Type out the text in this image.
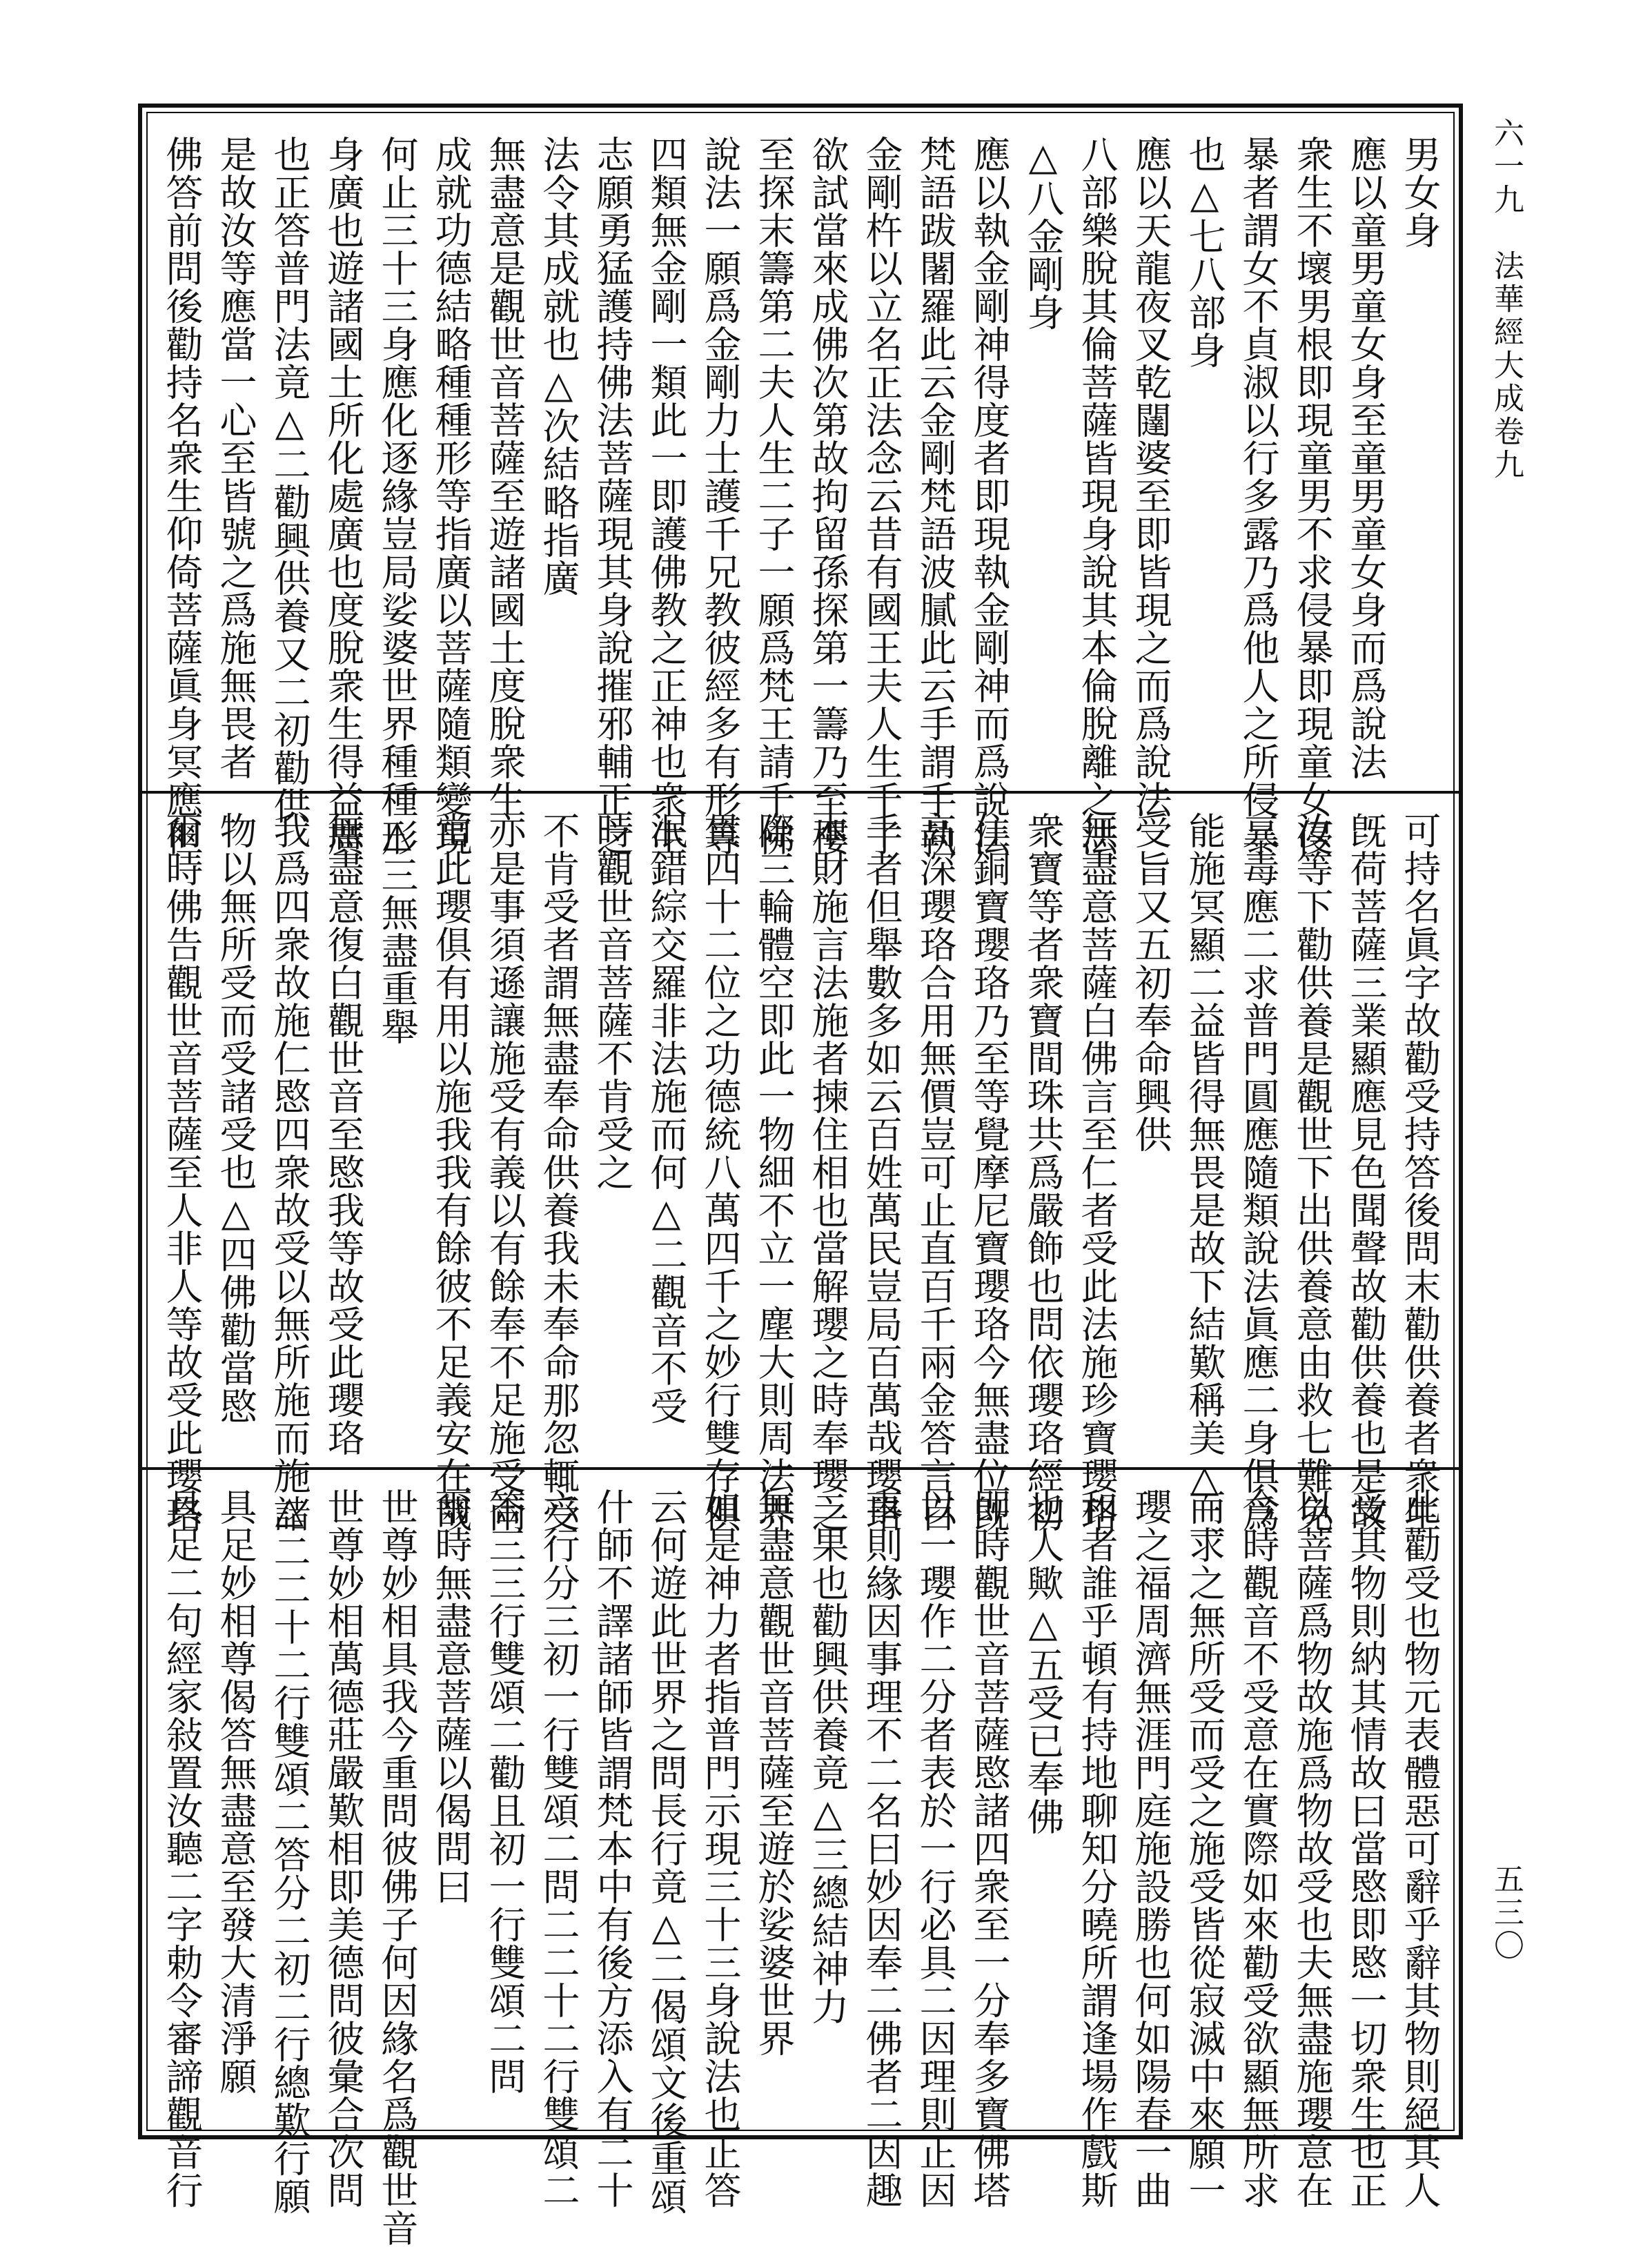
男女身
應以童男童女身至童男童女身而爲說法
衆生不壞男根即現童男不求侵暴即現童女侵
暴者謂女不貞淑以行多露乃爲他人之所侵暴
也△七八部身
應以天龍夜叉乾闥婆至即皆現之而爲說法
八部樂脫其倫菩薩皆現身說其本倫脫離之法
△八金剛身
應以執金剛神得度者即現執金剛神而爲說法
梵語跋闍羅此云金剛梵語波膩此云手謂手執
金剛杵以立名正法念云昔有國王夫人生千子
欲試當來成佛次第故拘留孫探第一籌乃至樓
至探末籌第二夫人生二子一願爲梵王請千佛
說法一願爲金剛力士護千兄教彼經多有形等
四類無金剛一類此一即護佛教之正神也衆生
志願勇猛護持佛法菩薩現其身說摧邪輔正之
法令其成就也△次結略指廣
無盡意是觀世音菩薩至遊諸國土度脫衆生
成就功德結略種種形等指廣以菩薩隨類變現
何止三十三身應化逐緣豈局娑婆世界種種形
身廣也遊諸國土所化處廣也度脫衆生得益廣
也正答普門法竟△二勸興供養又二初勸供
是故汝等應當一心至皆號之爲施無畏者
佛答前問後勸持名衆生仰倚菩薩眞身冥應但
可持名眞字故勸受持答後問末勸供養者衆生
旣荷菩薩三業顯應見色聞聲故勸供養也是故
汝等下勸供養是觀世下出供養意由救七難免
三毒應二求普門圓應隨類說法眞應二身俱爲
能施冥顯二益皆得無畏是故下結歎稱美△二
受旨又五初奉命興供
無盡意菩薩白佛言至仁者受此法施珍寶瓔珞
衆寶等者衆寶間珠共爲嚴飾也問依瓔珞經初
住銅寶瓔珞乃至等覺摩尼寶瓔珞今無盡位旣
高深瓔珞合用無價豈可止直百千兩金答言百
千者但舉數多如云百姓萬民豈局百萬哉瓔珞
本財施言法施者揀住相也當解瓔之時奉瓔之
際三輪體空即此一物細不立一塵大則周法界
貫四十二位之功德統八萬四千之妙行雙存俱
泯錯綜交羅非法施而何△二觀音不受
時觀世音菩薩不肯受之
不肯受者謂無盡奉命供養我未奉命那忽輒受
亦是事須遜讓施受有義以有餘奉不足施受兩
當此瓔俱有用以施我我有餘彼不足義安在哉
△三無盡重舉
無盡意復白觀世音至愍我等故受此瓔珞
我爲四衆故施仁愍四衆故受以無所施而施諸
物以無所受而受諸受也△四佛勸當愍
爾時佛告觀世音菩薩至人非人等故受此瓔珞
此勸受也物元表體惡可辭乎辭其物則絕其人
受其物則納其情故曰當愍即愍一切衆生也正
以菩薩爲物故施爲物故受也夫無盡施瓔意在
今時觀音不受意在實際如來勸受欲顯無所求
而求之無所受而受之施受皆從寂滅中來願一
瓔之福周濟無涯門庭施設勝也何如陽春一曲
和者誰乎頓有持地聊知分曉所謂逢場作戲斯
也人歟△五受已奉佛
即時觀世音菩薩愍諸四衆至一分奉多寶佛塔
以一瓔作二分者表於一行必具二因理則正因
事則緣因事理不二名曰妙因奉二佛者二因趣
二果也勸興供養竟△三總結神力
無盡意觀世音菩薩至遊於娑婆世界
如是神力者指普門示現三十三身說法也正答
云何遊此世界之問長行竟△二偈頌文後重頌
什師不譯諸師皆謂梵本中有後方添入有二十
六行分三初一行雙頌二問二二十二行雙頌二
答三三行雙頌二勸且初一行雙頌二問
爾時無盡意菩薩以偈問曰
世尊妙相具我今重問彼佛子何因緣名爲觀世音
世尊妙相萬德莊嚴歎相即美德問彼彙合次問
△二二十二行雙頌二答分二初二行總歎行願
具足妙相尊偈答無盡意至發大清淨願
具足二句經家敍置汝聽二字勅令審諦觀音行
六一九　法華經大成卷九
五三〇
